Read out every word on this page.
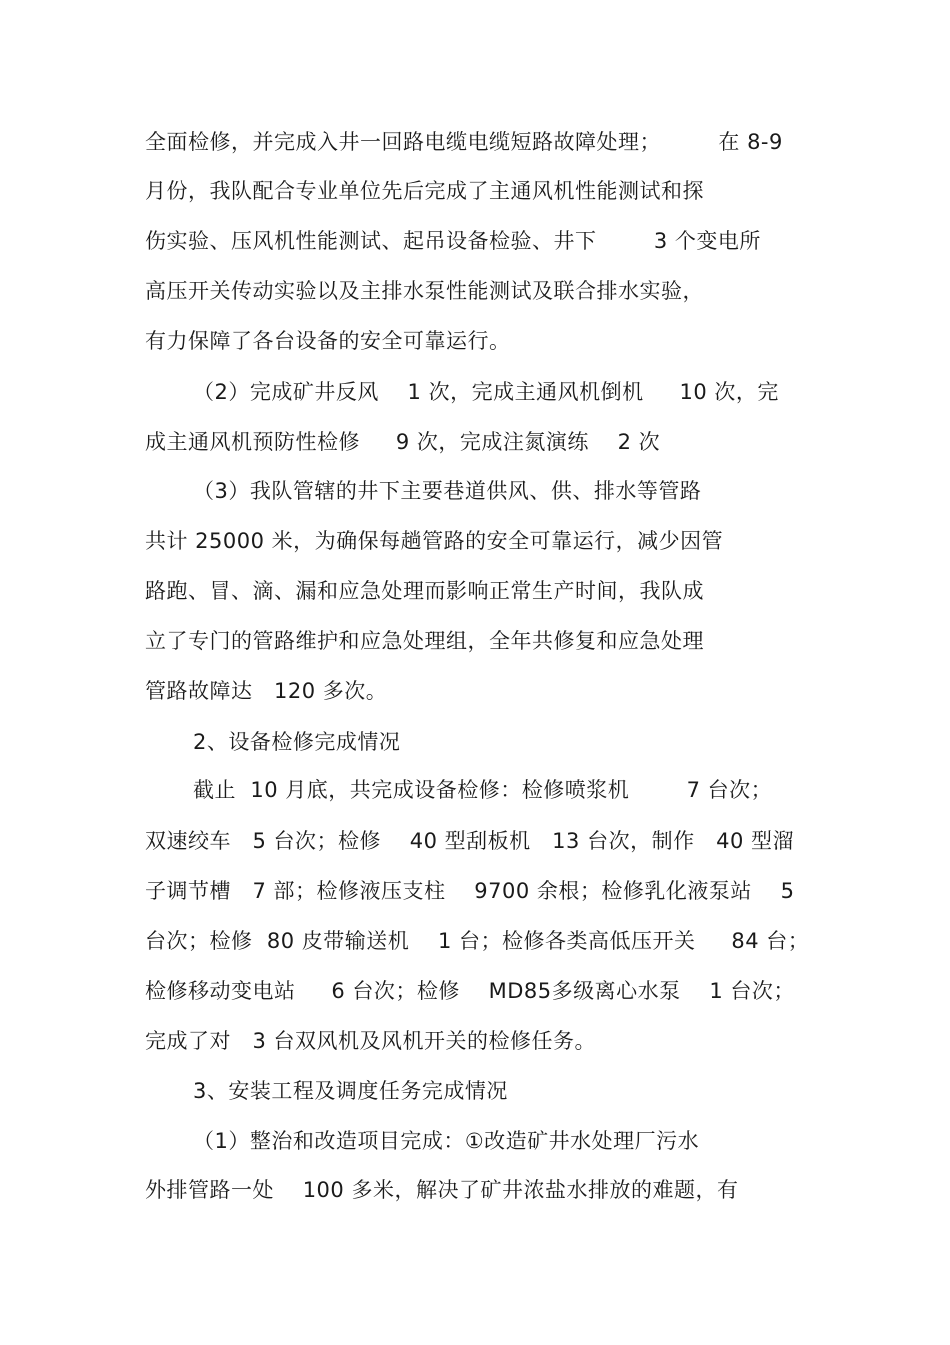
全面检修，并完成入井一回路电缆电缆短路故障处理；        在 8-9
月份，我队配合专业单位先后完成了主通风机性能测试和探
伤实验、压风机性能测试、起吊设备检验、井下        3 个变电所
高压开关传动实验以及主排水泵性能测试及联合排水实验，
有力保障了各台设备的安全可靠运行。
（2）完成矿井反风    1 次，完成主通风机倒机     10 次，完
成主通风机预防性检修     9 次，完成注氮演练    2 次
（3）我队管辖的井下主要巷道供风、供、排水等管路
共计 25000 米，为确保每趟管路的安全可靠运行，减少因管
路跑、冒、滴、漏和应急处理而影响正常生产时间，我队成
立了专门的管路维护和应急处理组，全年共修复和应急处理
管路故障达   120 多次。
2、设备检修完成情况
截止  10 月底，共完成设备检修：检修喷浆机        7 台次；
双速绞车   5 台次；检修    40 型刮板机   13 台次，制作   40 型溜
子调节槽   7 部；检修液压支柱    9700 余根；检修乳化液泵站    5
台次；检修  80 皮带输送机    1 台；检修各类高低压开关     84 台；
检修移动变电站     6 台次；检修    MD85多级离心水泵    1 台次；
完成了对   3 台双风机及风机开关的检修任务。
3、安装工程及调度任务完成情况
（1）整治和改造项目完成：①改造矿井水处理厂污水
外排管路一处    100 多米，解决了矿井浓盐水排放的难题，有
